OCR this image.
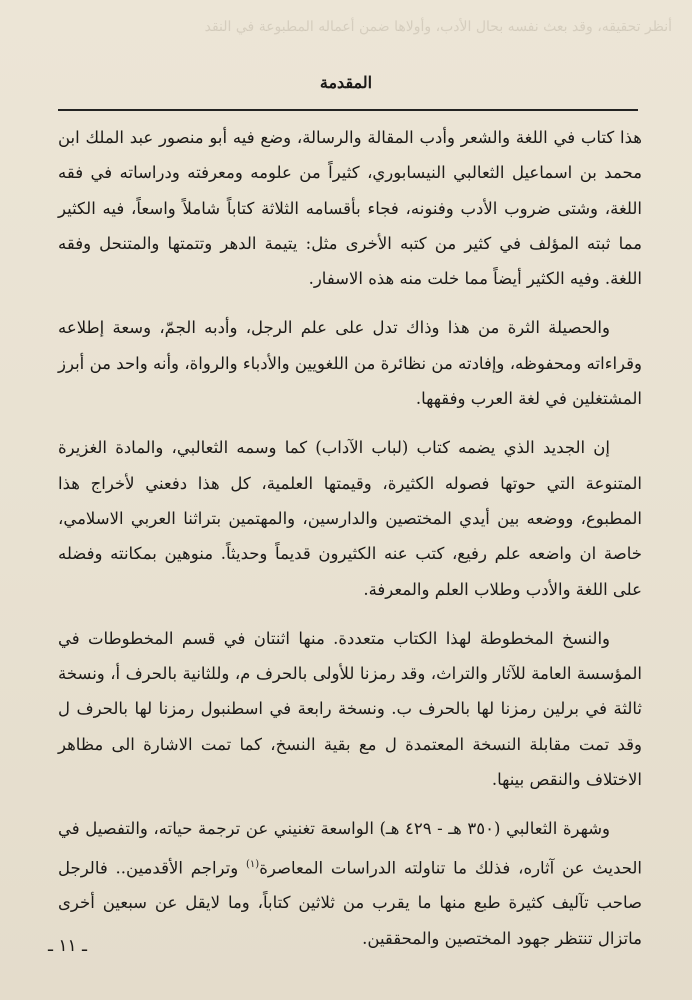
أنظر تحقيقه، وقد بعث نفسه بحال الأدب، وأولاها ضمن أعماله المطبوعة في النقد
المقدمة

هذا كتاب في اللغة والشعر وأدب المقالة والرسالة، وضع فيه أبو منصور عبد الملك ابن محمد بن اسماعيل الثعالبي النيسابوري، كثيراً من علومه ومعرفته ودراساته في فقه اللغة، وشتى ضروب الأدب وفنونه، فجاء بأقسامه الثلاثة كتاباً شاملاً واسعاً، فيه الكثير مما ثبته المؤلف في كثير من كتبه الأخرى مثل: يتيمة الدهر وتتمتها والمتنحل وفقه اللغة. وفيه الكثير أيضاً مما خلت منه هذه الاسفار.

والحصيلة الثرة من هذا وذاك تدل على علم الرجل، وأدبه الجمّ، وسعة إطلاعه وقراءاته ومحفوظه، وإفادته من نظائرة من اللغويين والأدباء والرواة، وأنه واحد من أبرز المشتغلين في لغة العرب وفقهها.

إن الجديد الذي يضمه كتاب (لباب الآداب) كما وسمه الثعالبي، والمادة الغزيرة المتنوعة التي حوتها فصوله الكثيرة، وقيمتها العلمية، كل هذا دفعني لأخراج هذا المطبوع، ووضعه بين أيدي المختصين والدارسين، والمهتمين بتراثنا العربي الاسلامي، خاصة ان واضعه علم رفيع، كتب عنه الكثيرون قديماً وحديثاً. منوهين بمكانته وفضله على اللغة والأدب وطلاب العلم والمعرفة.

والنسخ المخطوطة لهذا الكتاب متعددة. منها اثنتان في قسم المخطوطات في المؤسسة العامة للآثار والتراث، وقد رمزنا للأولى بالحرف م، وللثانية بالحرف أ، ونسخة ثالثة في برلين رمزنا لها بالحرف ب. ونسخة رابعة في اسطنبول رمزنا لها بالحرف ل وقد تمت مقابلة النسخة المعتمدة ل مع بقية النسخ، كما تمت الاشارة الى مظاهر الاختلاف والنقص بينها.

وشهرة الثعالبي (٣٥٠ هـ - ٤٢٩ هـ) الواسعة تغنيني عن ترجمة حياته، والتفصيل في الحديث عن آثاره، فذلك ما تناولته الدراسات المعاصرة$^{(١)}$ وتراجم الأقدمين.. فالرجل صاحب تآليف كثيرة طبع منها ما يقرب من ثلاثين كتاباً، وما لايقل عن سبعين أخرى ماتزال تنتظر جهود المختصين والمحققين.

ـ ١١ ـ
